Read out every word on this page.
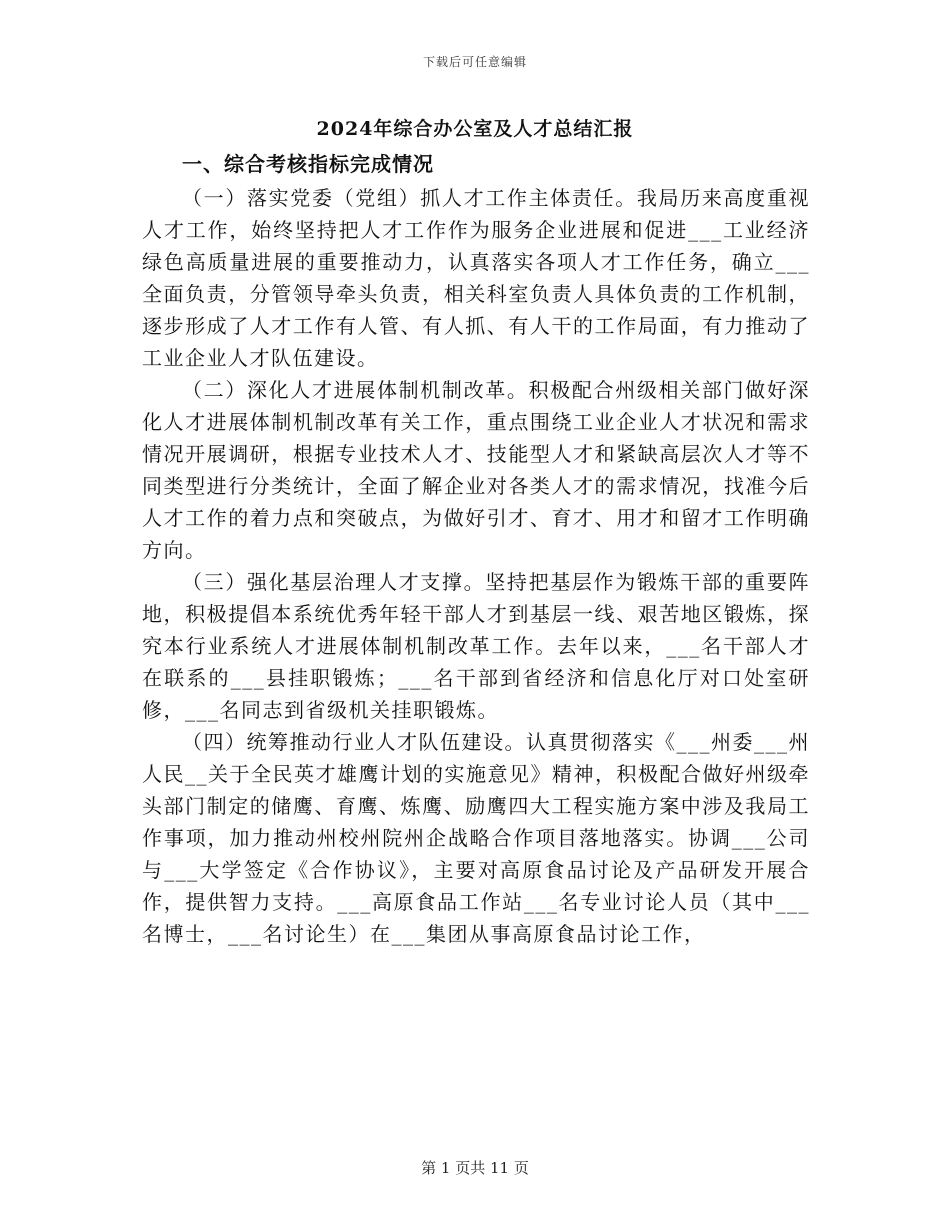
下载后可任意编辑
2024年综合办公室及人才总结汇报
一、综合考核指标完成情况

（一）落实党委（党组）抓人才工作主体责任。我局历来高度重视人才工作，始终坚持把人才工作作为服务企业进展和促进___工业经济绿色高质量进展的重要推动力，认真落实各项人才工作任务，确立___全面负责，分管领导牵头负责，相关科室负责人具体负责的工作机制，逐步形成了人才工作有人管、有人抓、有人干的工作局面，有力推动了工业企业人才队伍建设。

（二）深化人才进展体制机制改革。积极配合州级相关部门做好深化人才进展体制机制改革有关工作，重点围绕工业企业人才状况和需求情况开展调研，根据专业技术人才、技能型人才和紧缺高层次人才等不同类型进行分类统计，全面了解企业对各类人才的需求情况，找准今后人才工作的着力点和突破点，为做好引才、育才、用才和留才工作明确方向。

（三）强化基层治理人才支撑。坚持把基层作为锻炼干部的重要阵地，积极提倡本系统优秀年轻干部人才到基层一线、艰苦地区锻炼，探究本行业系统人才进展体制机制改革工作。去年以来，___名干部人才在联系的___县挂职锻炼；___名干部到省经济和信息化厅对口处室研修，___名同志到省级机关挂职锻炼。

（四）统筹推动行业人才队伍建设。认真贯彻落实《___州委___州人民__关于全民英才雄鹰计划的实施意见》精神，积极配合做好州级牵头部门制定的储鹰、育鹰、炼鹰、励鹰四大工程实施方案中涉及我局工作事项，加力推动州校州院州企战略合作项目落地落实。协调___公司与___大学签定《合作协议》，主要对高原食品讨论及产品研发开展合作，提供智力支持。___高原食品工作站___名专业讨论人员（其中___名博士，___名讨论生）在___集团从事高原食品讨论工作，

第 1 页共 11 页
